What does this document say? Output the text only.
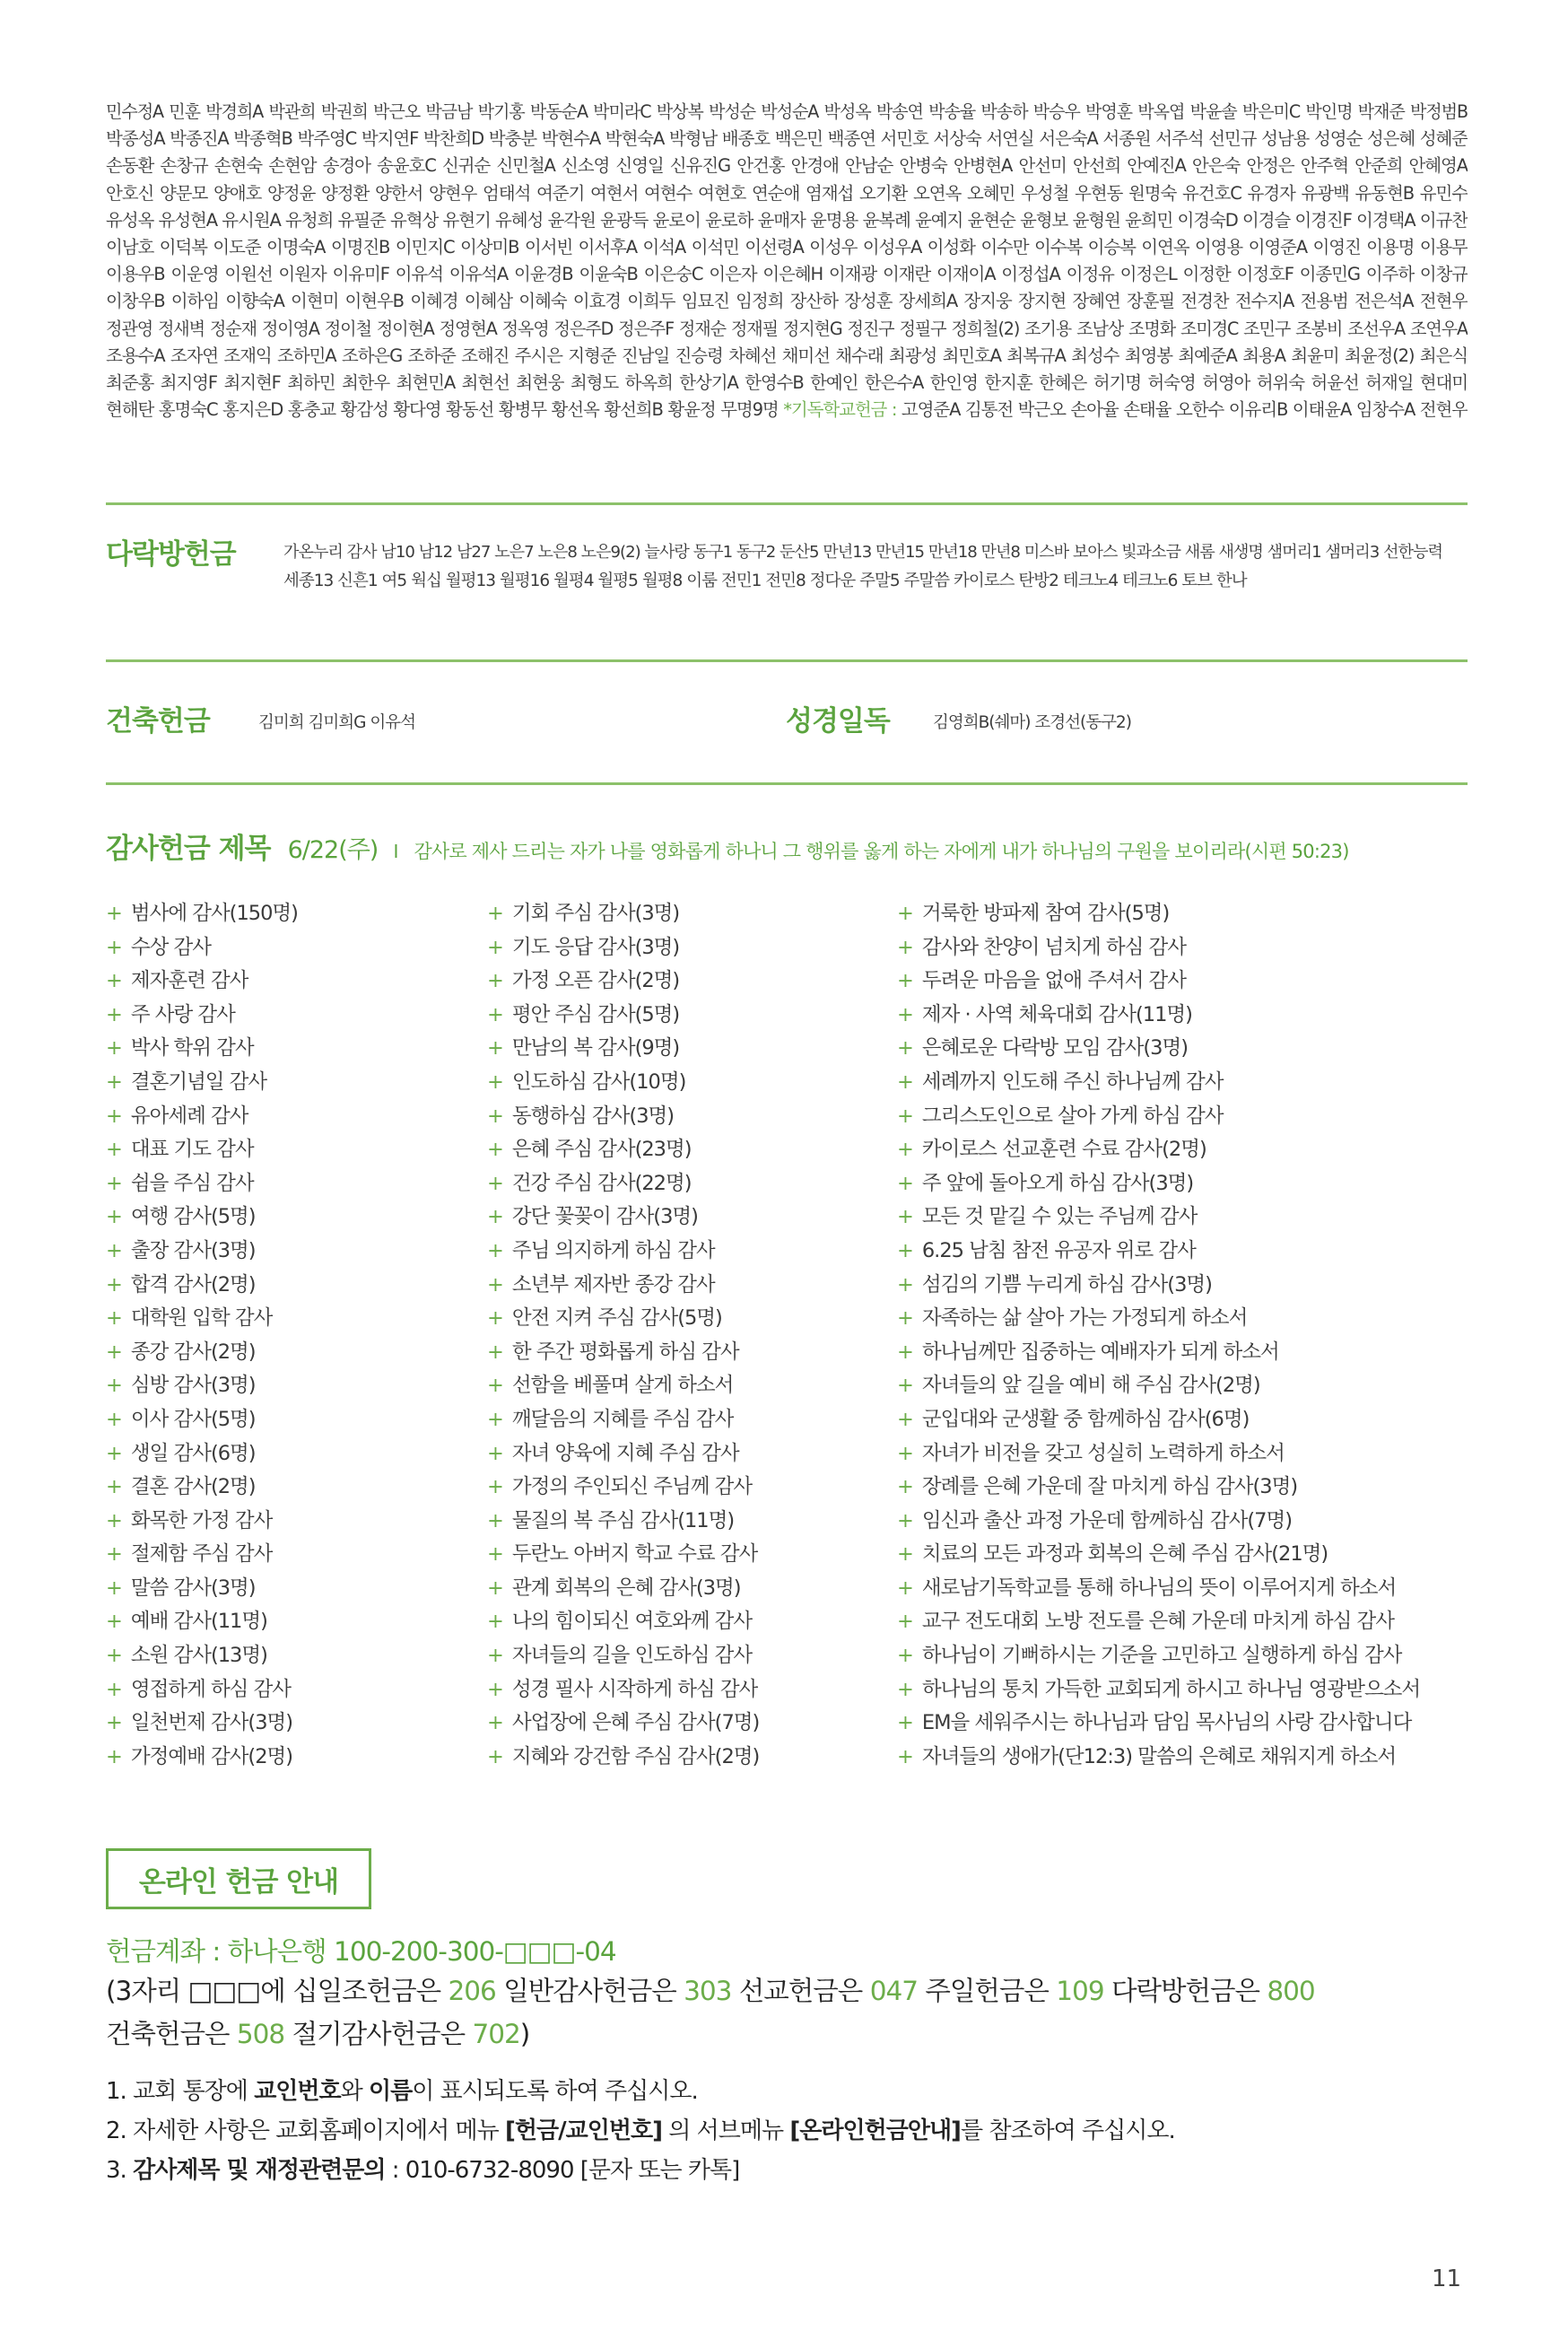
민수정A 민훈 박경희A 박관희 박권희 박근오 박금남 박기홍 박동순A 박미라C 박상복 박성순 박성순A 박성옥 박송연 박송율 박송하 박승우 박영훈 박옥엽 박윤솔 박은미C 박인명 박재준 박정범B
박종성A 박종진A 박종혁B 박주영C 박지연F 박찬희D 박충분 박현수A 박현숙A 박형남 배종호 백은민 백종연 서민호 서상숙 서연실 서은숙A 서종원 서주석 선민규 성남용 성영순 성은혜 성혜준
손동환 손창규 손현숙 손현암 송경아 송윤호C 신귀순 신민철A 신소영 신영일 신유진G 안건홍 안경애 안남순 안병숙 안병현A 안선미 안선희 안예진A 안은숙 안정은 안주혁 안준희 안혜영A
안호신 양문모 양애호 양정윤 양정환 양한서 양현우 엄태석 여준기 여현서 여현수 여현호 연순애 염재섭 오기환 오연옥 오혜민 우성철 우현동 원명숙 유건호C 유경자 유광백 유동현B 유민수
유성옥 유성현A 유시원A 유청희 유필준 유혁상 유현기 유혜성 윤각원 윤광득 윤로이 윤로하 윤매자 윤명용 윤복례 윤예지 윤현순 윤형보 윤형원 윤희민 이경숙D 이경슬 이경진F 이경택A 이규찬
이남호 이덕복 이도준 이명숙A 이명진B 이민지C 이상미B 이서빈 이서후A 이석A 이석민 이선령A 이성우 이성우A 이성화 이수만 이수복 이승복 이연옥 이영용 이영준A 이영진 이용명 이용무
이용우B 이운영 이원선 이원자 이유미F 이유석 이유석A 이윤경B 이윤숙B 이은숭C 이은자 이은혜H 이재광 이재란 이재이A 이정섭A 이정유 이정은L 이정한 이정호F 이종민G 이주하 이창규
이창우B 이하임 이향숙A 이현미 이현우B 이혜경 이혜삼 이혜숙 이효경 이희두 임묘진 임정희 장산하 장성훈 장세희A 장지웅 장지현 장혜연 장훈필 전경찬 전수지A 전용범 전은석A 전현우
정관영 정새벽 정순재 정이영A 정이철 정이현A 정영현A 정옥영 정은주D 정은주F 정재순 정재필 정지현G 정진구 정필구 정희철(2) 조기용 조남상 조명화 조미경C 조민구 조봉비 조선우A 조연우A
조용수A 조자연 조재익 조하민A 조하은G 조하준 조해진 주시은 지형준 진남일 진승령 차혜선 채미선 채수래 최광성 최민호A 최복규A 최성수 최영봉 최예준A 최용A 최윤미 최윤정(2) 최은식
최준홍 최지영F 최지현F 최하민 최한우 최현민A 최현선 최현웅 최형도 하옥희 한상기A 한영수B 한예인 한은수A 한인영 한지훈 한혜은 허기명 허숙영 허영아 허위숙 허윤선 허재일 현대미
현해탄 홍명숙C 홍지은D 홍충교 황감성 황다영 황동선 황병무 황선옥 황선희B 황윤정 무명9명 *기독학교헌금 : 고영준A 김통전 박근오 손아율 손태율 오한수 이유리B 이태윤A 임창수A 전현우
다락방헌금	가온누리 감사 남10 남12 남27 노은7 노은8 노은9(2) 늘사랑 동구1 동구2 둔산5 만년13 만년15 만년18 만년8 미스바 보아스 빛과소금 새롬 새생명 샘머리1 샘머리3 선한능력
세종13 신흔1 여5 웍십 월평13 월평16 월평4 월평5 월평8 이룸 전민1 전민8 정다운 주말5 주말씀 카이로스 탄방2 테크노4 테크노6 토브 한나
건축헌금	김미희 김미희G 이유석	성경일독	김영희B(쉐마) 조경선(동구2)
감사헌금 제목 6/22(주) I 감사로 제사 드리는 자가 나를 영화롭게 하나니 그 행위를 옳게 하는 자에게 내가 하나님의 구원을 보이리라(시편 50:23)
+ 범사에 감사(150명)
+ 수상 감사
+ 제자훈련 감사
+ 주 사랑 감사
+ 박사 학위 감사
+ 결혼기념일 감사
+ 유아세례 감사
+ 대표 기도 감사
+ 쉼을 주심 감사
+ 여행 감사(5명)
+ 출장 감사(3명)
+ 합격 감사(2명)
+ 대학원 입학 감사
+ 종강 감사(2명)
+ 심방 감사(3명)
+ 이사 감사(5명)
+ 생일 감사(6명)
+ 결혼 감사(2명)
+ 화목한 가정 감사
+ 절제함 주심 감사
+ 말씀 감사(3명)
+ 예배 감사(11명)
+ 소원 감사(13명)
+ 영접하게 하심 감사
+ 일천번제 감사(3명)
+ 가정예배 감사(2명)
+ 기회 주심 감사(3명)
+ 기도 응답 감사(3명)
+ 가정 오픈 감사(2명)
+ 평안 주심 감사(5명)
+ 만남의 복 감사(9명)
+ 인도하심 감사(10명)
+ 동행하심 감사(3명)
+ 은혜 주심 감사(23명)
+ 건강 주심 감사(22명)
+ 강단 꽃꽂이 감사(3명)
+ 주님 의지하게 하심 감사
+ 소년부 제자반 종강 감사
+ 안전 지켜 주심 감사(5명)
+ 한 주간 평화롭게 하심 감사
+ 선함을 베풀며 살게 하소서
+ 깨달음의 지혜를 주심 감사
+ 자녀 양육에 지혜 주심 감사
+ 가정의 주인되신 주님께 감사
+ 물질의 복 주심 감사(11명)
+ 두란노 아버지 학교 수료 감사
+ 관계 회복의 은혜 감사(3명)
+ 나의 힘이되신 여호와께 감사
+ 자녀들의 길을 인도하심 감사
+ 성경 필사 시작하게 하심 감사
+ 사업장에 은혜 주심 감사(7명)
+ 지혜와 강건함 주심 감사(2명)
+ 거룩한 방파제 참여 감사(5명)
+ 감사와 찬양이 넘치게 하심 감사
+ 두려운 마음을 없애 주셔서 감사
+ 제자 · 사역 체육대회 감사(11명)
+ 은혜로운 다락방 모임 감사(3명)
+ 세례까지 인도해 주신 하나님께 감사
+ 그리스도인으로 살아 가게 하심 감사
+ 카이로스 선교훈련 수료 감사(2명)
+ 주 앞에 돌아오게 하심 감사(3명)
+ 모든 것 맡길 수 있는 주님께 감사
+ 6.25 남침 참전 유공자 위로 감사
+ 섬김의 기쁨 누리게 하심 감사(3명)
+ 자족하는 삶 살아 가는 가정되게 하소서
+ 하나님께만 집중하는 예배자가 되게 하소서
+ 자녀들의 앞 길을 예비 해 주심 감사(2명)
+ 군입대와 군생활 중 함께하심 감사(6명)
+ 자녀가 비전을 갖고 성실히 노력하게 하소서
+ 장례를 은혜 가운데 잘 마치게 하심 감사(3명)
+ 임신과 출산 과정 가운데 함께하심 감사(7명)
+ 치료의 모든 과정과 회복의 은혜 주심 감사(21명)
+ 새로남기독학교를 통해 하나님의 뜻이 이루어지게 하소서
+ 교구 전도대회 노방 전도를 은혜 가운데 마치게 하심 감사
+ 하나님이 기뻐하시는 기준을 고민하고 실행하게 하심 감사
+ 하나님의 통치 가득한 교회되게 하시고 하나님 영광받으소서
+ EM을 세워주시는 하나님과 담임 목사님의 사랑 감사합니다
+ 자녀들의 생애가(단12:3) 말씀의 은혜로 채워지게 하소서
온라인 헌금 안내
헌금계좌 : 하나은행 100-200-300-□□□-04
(3자리 □□□에 십일조헌금은 206 일반감사헌금은 303 선교헌금은 047 주일헌금은 109 다락방헌금은 800
건축헌금은 508 절기감사헌금은 702)
1. 교회 통장에 교인번호와 이름이 표시되도록 하여 주십시오.
2. 자세한 사항은 교회홈페이지에서 메뉴 [헌금/교인번호] 의 서브메뉴 [온라인헌금안내]를 참조하여 주십시오.
3. 감사제목 및 재정관련문의 : 010-6732-8090 [문자 또는 카톡]
11
